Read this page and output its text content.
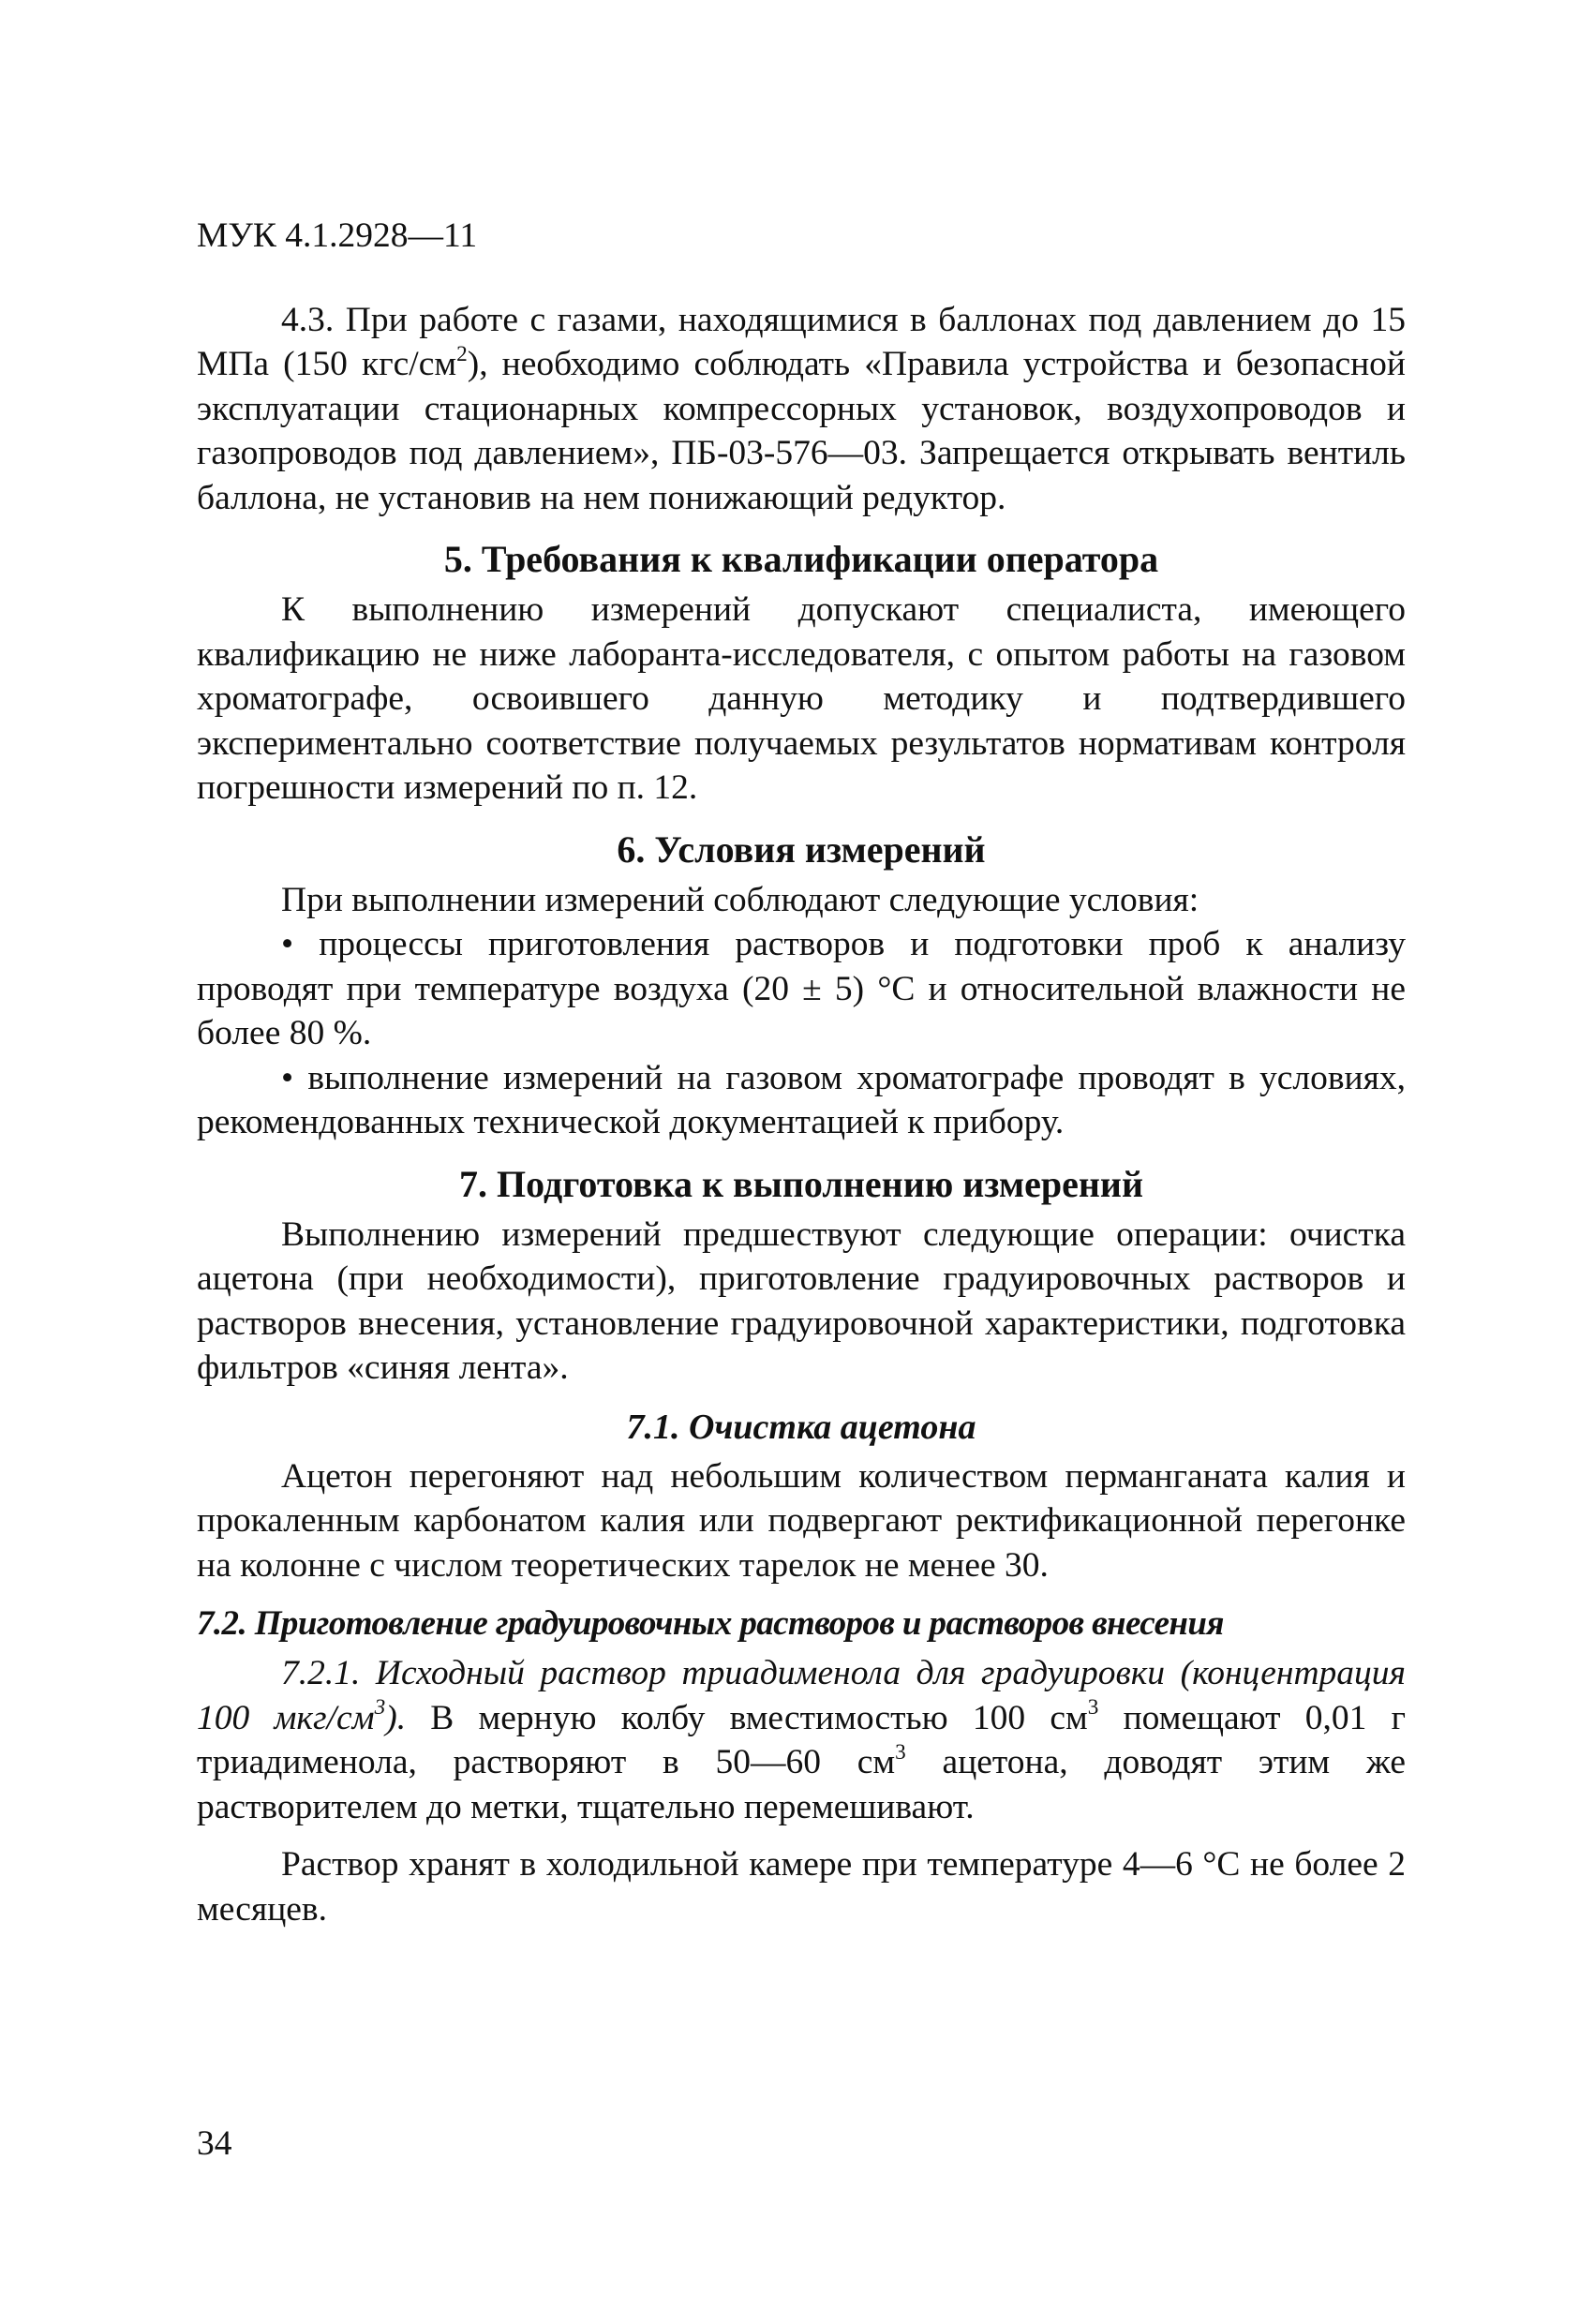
МУК 4.1.2928—11

4.3. При работе с газами, находящимися в баллонах под давлением до 15 МПа (150 кгс/$см^2$), необходимо соблюдать «Правила устройства и безопасной эксплуатации стационарных компрессорных установок, воздухопроводов и газопроводов под давлением», ПБ-03-576—03. Запрещается открывать вентиль баллона, не установив на нем понижающий редуктор.

5. Требования к квалификации оператора

К выполнению измерений допускают специалиста, имеющего квалификацию не ниже лаборанта-исследователя, с опытом работы на газовом хроматографе, освоившего данную методику и подтвердившего экспериментально соответствие получаемых результатов нормативам контроля погрешности измерений по п. 12.

6. Условия измерений

При выполнении измерений соблюдают следующие условия:

• процессы приготовления растворов и подготовки проб к анализу проводят при температуре воздуха (20 ± 5) °С и относительной влажности не более 80 %.

• выполнение измерений на газовом хроматографе проводят в условиях, рекомендованных технической документацией к прибору.

7. Подготовка к выполнению измерений

Выполнению измерений предшествуют следующие операции: очистка ацетона (при необходимости), приготовление градуировочных растворов и растворов внесения, установление градуировочной характеристики, подготовка фильтров «синяя лента».

7.1. Очистка ацетона

Ацетон перегоняют над небольшим количеством перманганата калия и прокаленным карбонатом калия или подвергают ректификационной перегонке на колонне с числом теоретических тарелок не менее 30.

7.2. Приготовление градуировочных растворов и растворов внесения

7.2.1. Исходный раствор триадименола для градуировки (концентрация 100 мкг/$см^3$). В мерную колбу вместимостью 100 $см^3$ помещают 0,01 г триадименола, растворяют в 50—60 $см^3$ ацетона, доводят этим же растворителем до метки, тщательно перемешивают.

Раствор хранят в холодильной камере при температуре 4—6 °С не более 2 месяцев.

34
